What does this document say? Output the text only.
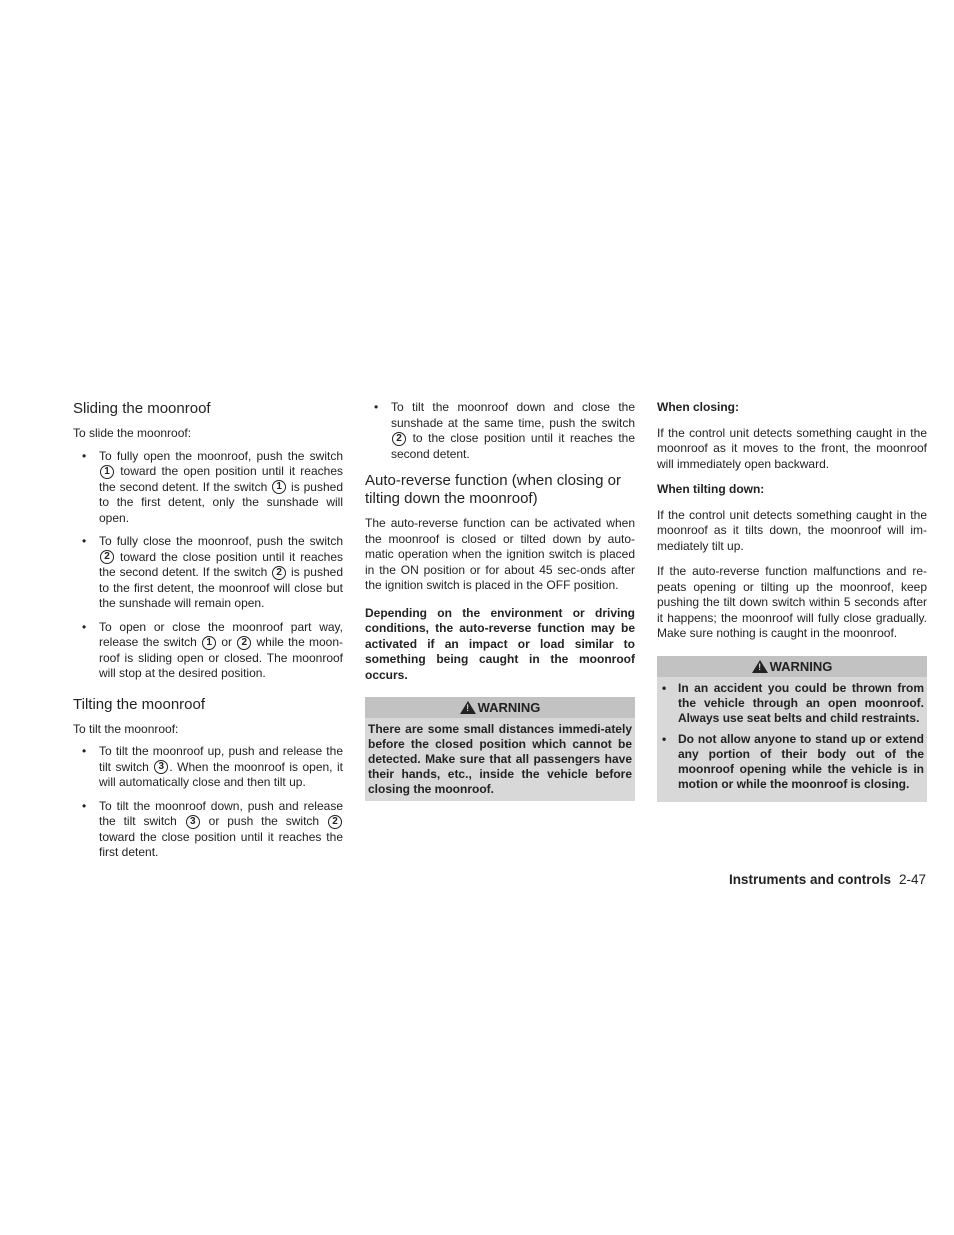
Sliding the moonroof

To slide the moonroof:

• To fully open the moonroof, push the switch 1 toward the open position until it reaches the second detent. If the switch 1 is pushed to the first detent, only the sunshade will open.
• To fully close the moonroof, push the switch 2 toward the close position until it reaches the second detent. If the switch 2 is pushed to the first detent, the moonroof will close but the sunshade will remain open.
• To open or close the moonroof part way, release the switch 1 or 2 while the moon-roof is sliding open or closed. The moonroof will stop at the desired position.
Tilting the moonroof

To tilt the moonroof:

• To tilt the moonroof up, push and release the tilt switch 3 . When the moonroof is open, it will automatically close and then tilt up.
• To tilt the moonroof down, push and release the tilt switch 3 or push the switch 2 toward the close position until it reaches the first detent.
• To tilt the moonroof down and close the sunshade at the same time, push the switch 2 to the close position until it reaches the second detent.
Auto-reverse function (when closing or tilting down the moonroof)

The auto-reverse function can be activated when the moonroof is closed or tilted down by auto-matic operation when the ignition switch is placed in the ON position or for about 45 sec-onds after the ignition switch is placed in the OFF position.

Depending on the environment or driving conditions, the auto-reverse function may be activated if an impact or load similar to something being caught in the moonroof occurs.

! WARNING
There are some small distances immedi-ately before the closed position which cannot be detected. Make sure that all passengers have their hands, etc., inside the vehicle before closing the moonroof.

When closing:

If the control unit detects something caught in the moonroof as it moves to the front, the moonroof will immediately open backward.

When tilting down:

If the control unit detects something caught in the moonroof as it tilts down, the moonroof will im-mediately tilt up.

If the auto-reverse function malfunctions and re-peats opening or tilting up the moonroof, keep pushing the tilt down switch within 5 seconds after it happens; the moonroof will fully close gradually. Make sure nothing is caught in the moonroof.

! WARNING
• In an accident you could be thrown from the vehicle through an open moonroof. Always use seat belts and child restraints.
• Do not allow anyone to stand up or extend any portion of their body out of the moonroof opening while the vehicle is in motion or while the moonroof is closing.
Instruments and controls 2-47
